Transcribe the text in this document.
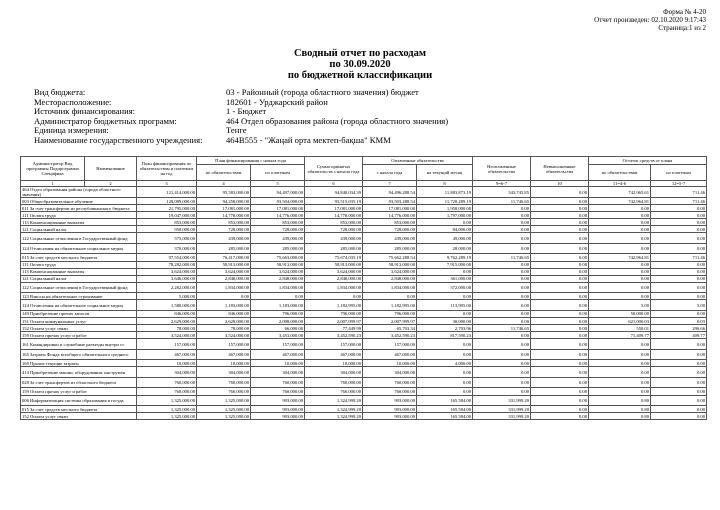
Форма № 4-20
Отчет произведен: 02.10.2020 9:17:43
Страница:1 из 2
Сводный отчет по расходам
по 30.09.2020
по бюджетной классификации
Вид бюджета:	03 - Районный (города областного значения) бюджет
Месторасположение:	182601 - Урджарский район
Источник финансирования:	1 - Бюджет
Администратор бюджетных программ:	464 Отдел образования района (города областного значения)
Единица измерения:	Тенге
Наименование государственного учреждения:	464В555 - "Жаңай орта мектеп-бақша" КММ
Администратор Вид программы Подпрограмма Специфика	Наименование	План финансирования по обязательствам и платежам на год	План финансирования с начала года		Сумма принятых обязательств с начала года	Оплаченные обязательства		Неоплаченные обязательства	Невыполненные обязательства	Остаток средств от плана	
			по обязательствам	по платежам		с начала года	на текущий месяц			по обязательствам	по платежам
1	2	3	4	5	6	7	8	9=6-7	10	11=4-6	12=5-7
464 Отдел образования района (города областного значения)		121,414,000.00	95,583,000.00	94,497,000.00	94,840,034.39	94,496,288.54	11,883,873.19	343,745.85	0.00	742,965.61	711.46
003 Общеобразовательное обучение		120,089,000.00	94,258,000.00	93,504,000.00	93,515,035.19	93,503,288.54	11,720,289.19	11,746.65	0.00	742,964.81	711.46
011 За счет трансфертов из республиканского бюджета		21,795,000.00	17,081,000.00	17,081,000.00	17,081,000.00	17,081,000.00	1,958,000.00	0.00	0.00	0.00	0.00
111 Оплата труда		19,047,000.00	14,776,000.00	14,776,000.00	14,776,000.00	14,776,000.00	1,797,000.00	0.00	0.00	0.00	0.00
113 Компенсационные выплаты		853,000.00	853,000.00	853,000.00	853,000.00	853,000.00	0.00	0.00	0.00	0.00	0.00
121 Социальный налог		950,000.00	728,000.00	728,000.00	728,000.00	728,000.00	84,000.00	0.00	0.00	0.00	0.00
122 Социальные отчисления в Государственный фонд		575,000.00	439,000.00	439,000.00	439,000.00	439,000.00	49,000.00	0.00	0.00	0.00	0.00
124 Отчисления на обязательное социальное медиц		370,000.00	285,000.00	285,000.00	285,000.00	285,000.00	28,000.00	0.00	0.00	0.00	0.00
015 За счет средств местного бюджета		97,554,000.00	76,417,000.00	75,663,000.00	75,674,035.19	75,662,288.54	9,762,289.19	11,746.65	0.00	742,964.81	711.46
111 Оплата труда		78,282,000.00	58,913,000.00	58,913,000.00	58,913,000.00	58,913,000.00	7,915,000.00	0.00	0.00	0.00	0.00
113 Компенсационные выплаты		3,624,000.00	3,624,000.00	3,624,000.00	3,624,000.00	3,624,000.00	0.00	0.00	0.00	0.00	0.00
121 Социальный налог		3,646,000.00	2,848,000.00	2,848,000.00	2,848,000.00	2,848,000.00	361,000.00	0.00	0.00	0.00	0.00
122 Социальные отчисления в Государственный фонд		2,282,000.00	1,834,000.00	1,834,000.00	1,834,000.00	1,834,000.00	372,000.00	0.00	0.00	0.00	0.00
123 Взносы на обязательное страхование		5,000.00	0.00	0.00	0.00	0.00	0.00	0.00	0.00	0.00	0.00
124 Отчисления на обязательное социальное медиц		1,580,000.00	1,183,000.00	1,183,000.00	1,182,995.00	1,182,995.00	113,995.00	0.00	0.00	5.00	5.00
149 Приобретение прочих запасов		846,000.00	846,000.00	796,000.00	796,000.00	796,000.00	0.00	0.00	0.00	50,000.00	0.00
151 Оплата коммунальных услуг		2,629,000.00	2,629,000.00	2,008,000.00	2,007,999.97	2,007,999.97	30,000.00	0.00	0.00	621,000.03	0.03
152 Оплата услуг связи		78,000.00	78,000.00	66,000.00	77,449.99	65,703.34	2,703.96	11,746.65	0.00	550.01	296.66
159 Оплата прочих услуг и работ		3,524,000.00	3,524,000.00	3,453,000.00	3,452,590.23	3,452,590.23	817,590.23	0.00	0.00	71,409.77	409.77
161 Командировки и служебные разъезды внутри ст		157,000.00	157,000.00	157,000.00	157,000.00	157,000.00	0.00	0.00	0.00	0.00	0.00
165 Затраты Фонда всеобщего обязательного среднего		467,000.00	467,000.00	467,000.00	467,000.00	467,000.00	0.00	0.00	0.00	0.00	0.00
169 Прочие текущие затраты		10,000.00	10,000.00	10,000.00	10,000.00	10,000.00	4,000.00	0.00	0.00	0.00	0.00
414 Приобретение машин, оборудования, инструмен		304,000.00	304,000.00	304,000.00	304,000.00	304,000.00	0.00	0.00	0.00	0.00	0.00
028 За счет трансфертов из областного бюджета		760,000.00	760,000.00	760,000.00	760,000.00	760,000.00	0.00	0.00	0.00	0.00	0.00
159 Оплата прочих услуг и работ		760,000.00	760,000.00	760,000.00	760,000.00	760,000.00	0.00	0.00	0.00	0.00	0.00
006 Информатизация системы образования в госуда		1,325,000.00	1,325,000.00	993,000.00	1,324,999.20	993,000.00	165,584.00	331,999.20	0.00	0.80	0.00
015 За счет средств местного бюджета		1,325,000.00	1,325,000.00	993,000.00	1,324,999.20	993,000.00	165,584.00	331,999.20	0.00	0.80	0.00
152 Оплата услуг связи		1,325,000.00	1,325,000.00	993,000.00	1,324,999.20	993,000.00	165,584.00	331,999.20	0.00	0.80	0.00
